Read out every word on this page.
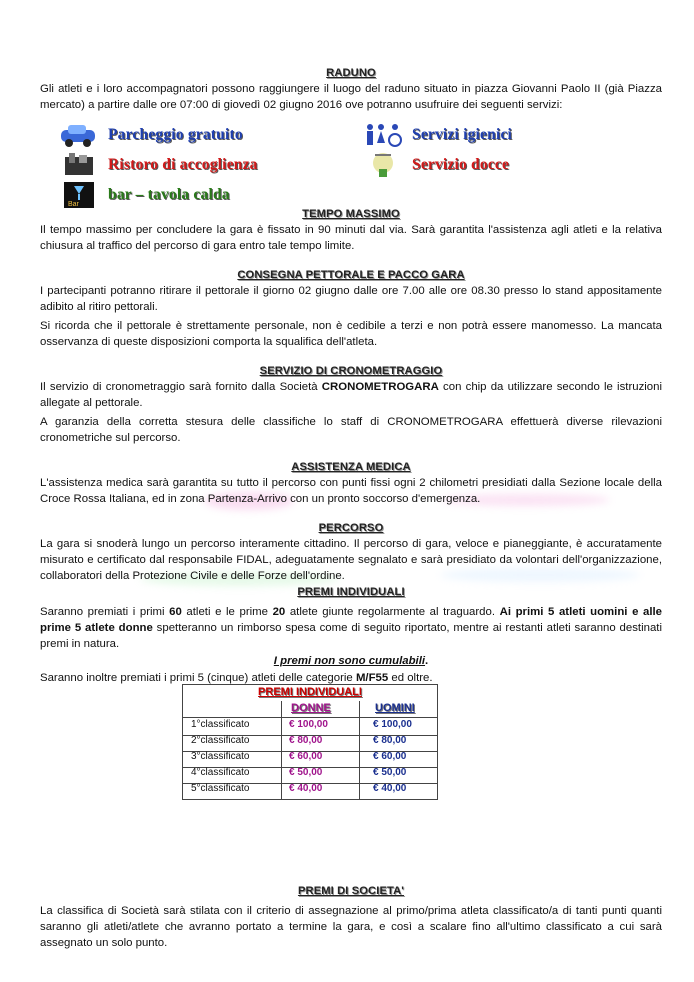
RADUNO

Gli atleti e i loro accompagnatori possono raggiungere il luogo del raduno situato in piazza Giovanni Paolo II (già Piazza mercato) a partire dalle ore 07:00 di giovedì 02 giugno 2016 ove potranno usufruire dei seguenti servizi:

Parcheggio gratuito	Servizi igienici
Ristoro di accoglienza	Servizio docce
Bar
bar – tavola calda
TEMPO MASSIMO

Il tempo massimo per concludere la gara è fissato in 90 minuti dal via. Sarà garantita l'assistenza agli atleti e la relativa chiusura al traffico del percorso di gara entro tale tempo limite.

CONSEGNA PETTORALE E PACCO GARA

I partecipanti potranno ritirare il pettorale il giorno 02 giugno dalle ore 7.00 alle ore 08.30 presso lo stand appositamente adibito al ritiro pettorali.

Si ricorda che il pettorale è strettamente personale, non è cedibile a terzi e non potrà essere manomesso. La mancata osservanza di queste disposizioni comporta la squalifica dell'atleta.

SERVIZIO DI CRONOMETRAGGIO

Il servizio di cronometraggio sarà fornito dalla Società CRONOMETROGARA con chip da utilizzare secondo le istruzioni allegate al pettorale.

A garanzia della corretta stesura delle classifiche lo staff di CRONOMETROGARA effettuerà diverse rilevazioni cronometriche sul percorso.

ASSISTENZA MEDICA

L'assistenza medica sarà garantita su tutto il percorso con punti fissi ogni 2 chilometri presidiati dalla Sezione locale della Croce Rossa Italiana, ed in zona Partenza-Arrivo con un pronto soccorso d'emergenza.

PERCORSO

La gara si snoderà lungo un percorso interamente cittadino. Il percorso di gara, veloce e pianeggiante, è accuratamente misurato e certificato dal responsabile FIDAL, adeguatamente segnalato e sarà presidiato da volontari dell'organizzazione, collaboratori della Protezione Civile e delle Forze dell'ordine.

PREMI INDIVIDUALI

Saranno premiati i primi 60 atleti e le prime 20 atlete giunte regolarmente al traguardo. Ai primi 5 atleti uomini e alle prime 5 atlete donne spetteranno un rimborso spesa come di seguito riportato, mentre ai restanti atleti saranno destinati premi in natura.

I premi non sono cumulabili.

Saranno inoltre premiati i primi 5 (cinque) atleti delle categorie M/F55 ed oltre.

PREMI INDIVIDUALI
DONNE	UOMINI
1°classificato	€ 100,00	€ 100,00
2°classificato	€ 80,00	€ 80,00
3°classificato	€ 60,00	€ 60,00
4°classificato	€ 50,00	€ 50,00
5°classificato	€ 40,00	€ 40,00
PREMI DI SOCIETA'

La classifica di Società sarà stilata con il criterio di assegnazione al primo/prima atleta classificato/a di tanti punti quanti saranno gli atleti/atlete che avranno portato a termine la gara, e così a scalare fino all'ultimo classificato a cui sarà assegnato un solo punto.
